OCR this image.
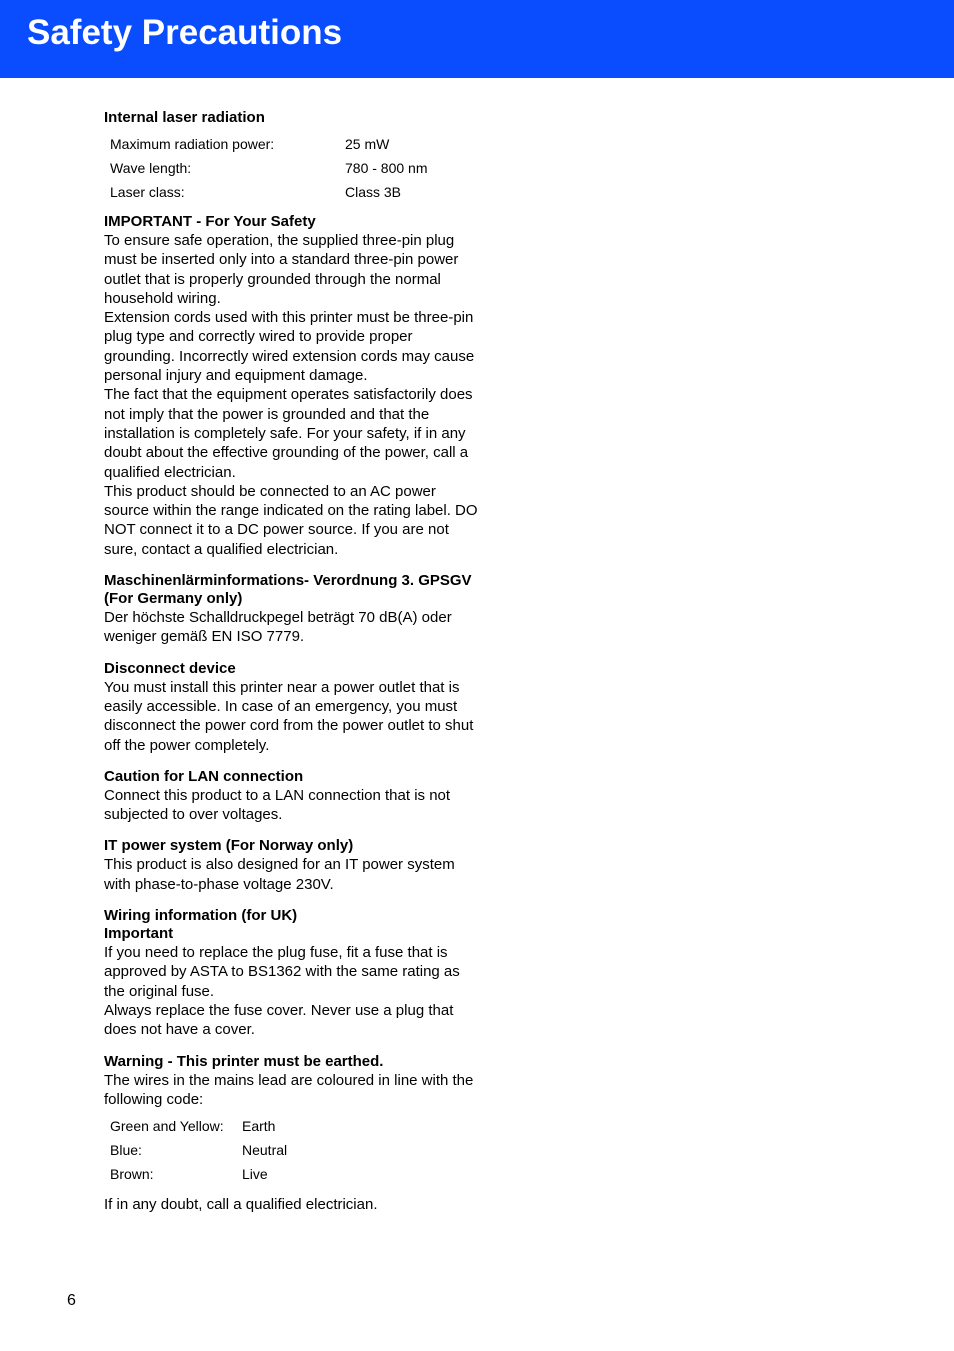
Safety Precautions

Internal laser radiation

Maximum radiation power:	25 mW
Wave length:	780 - 800 nm
Laser class:	Class 3B

IMPORTANT - For Your Safety

To ensure safe operation, the supplied three-pin plug must be inserted only into a standard three-pin power outlet that is properly grounded through the normal household wiring.

Extension cords used with this printer must be three-pin plug type and correctly wired to provide proper grounding. Incorrectly wired extension cords may cause personal injury and equipment damage.

The fact that the equipment operates satisfactorily does not imply that the power is grounded and that the installation is completely safe. For your safety, if in any doubt about the effective grounding of the power, call a qualified electrician.

This product should be connected to an AC power source within the range indicated on the rating label. DO NOT connect it to a DC power source. If you are not sure, contact a qualified electrician.

Maschinenlärminformations- Verordnung 3. GPSGV (For Germany only)

Der höchste Schalldruckpegel beträgt 70 dB(A) oder weniger gemäß EN ISO 7779.

Disconnect device

You must install this printer near a power outlet that is easily accessible. In case of an emergency, you must disconnect the power cord from the power outlet to shut off the power completely.

Caution for LAN connection

Connect this product to a LAN connection that is not subjected to over voltages.

IT power system (For Norway only)

This product is also designed for an IT power system with phase-to-phase voltage 230V.

Wiring information (for UK)

Important

If you need to replace the plug fuse, fit a fuse that is approved by ASTA to BS1362 with the same rating as the original fuse.

Always replace the fuse cover. Never use a plug that does not have a cover.

Warning - This printer must be earthed.

The wires in the mains lead are coloured in line with the following code:

Green and Yellow:	Earth
Blue:	Neutral
Brown:	Live

If in any doubt, call a qualified electrician.

6
